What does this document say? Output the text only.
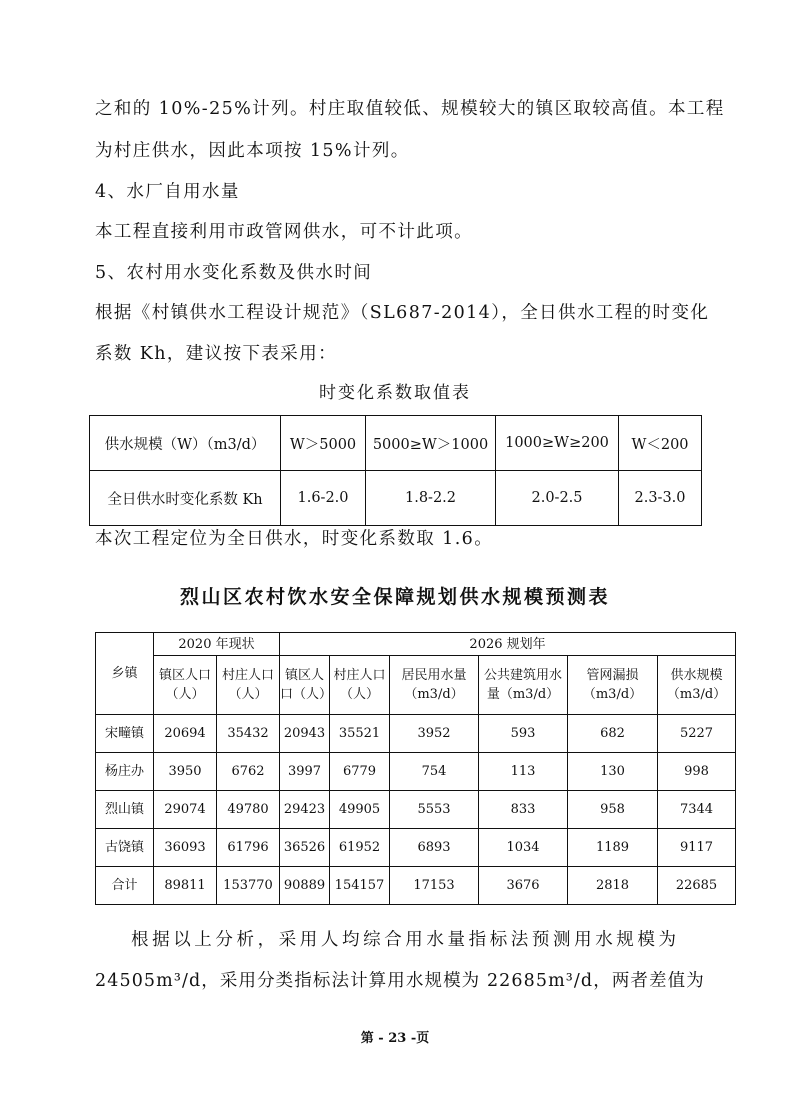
之和的 10%-25%计列。村庄取值较低、规模较大的镇区取较高值。本工程
为村庄供水，因此本项按 15%计列。
4、水厂自用水量
本工程直接利用市政管网供水，可不计此项。
5、农村用水变化系数及供水时间
根据《村镇供水工程设计规范》（SL687-2014），全日供水工程的时变化
系数 Kh，建议按下表采用：
时变化系数取值表
供水规模（W）（m3/d）	W＞5000	5000≥W＞1000	1000≥W≥200	W＜200
全日供水时变化系数 Kh	1.6-2.0	1.8-2.2	2.0-2.5	2.3-3.0
本次工程定位为全日供水，时变化系数取 1.6。
烈山区农村饮水安全保障规划供水规模预测表
乡镇	2020 年现状		2026 规划年					
	镇区人口（人）	村庄人口（人）	镇区人口（人）	村庄人口（人）	居民用水量（m3/d）	公共建筑用水量（m3/d）	管网漏损（m3/d）	供水规模（m3/d）
宋疃镇	20694	35432	20943	35521	3952	593	682	5227
杨庄办	3950	6762	3997	6779	754	113	130	998
烈山镇	29074	49780	29423	49905	5553	833	958	7344
古饶镇	36093	61796	36526	61952	6893	1034	1189	9117
合计	89811	153770	90889	154157	17153	3676	2818	22685
根据以上分析，采用人均综合用水量指标法预测用水规模为
24505m³/d，采用分类指标法计算用水规模为 22685m³/d，两者差值为
第 - 23 -页
